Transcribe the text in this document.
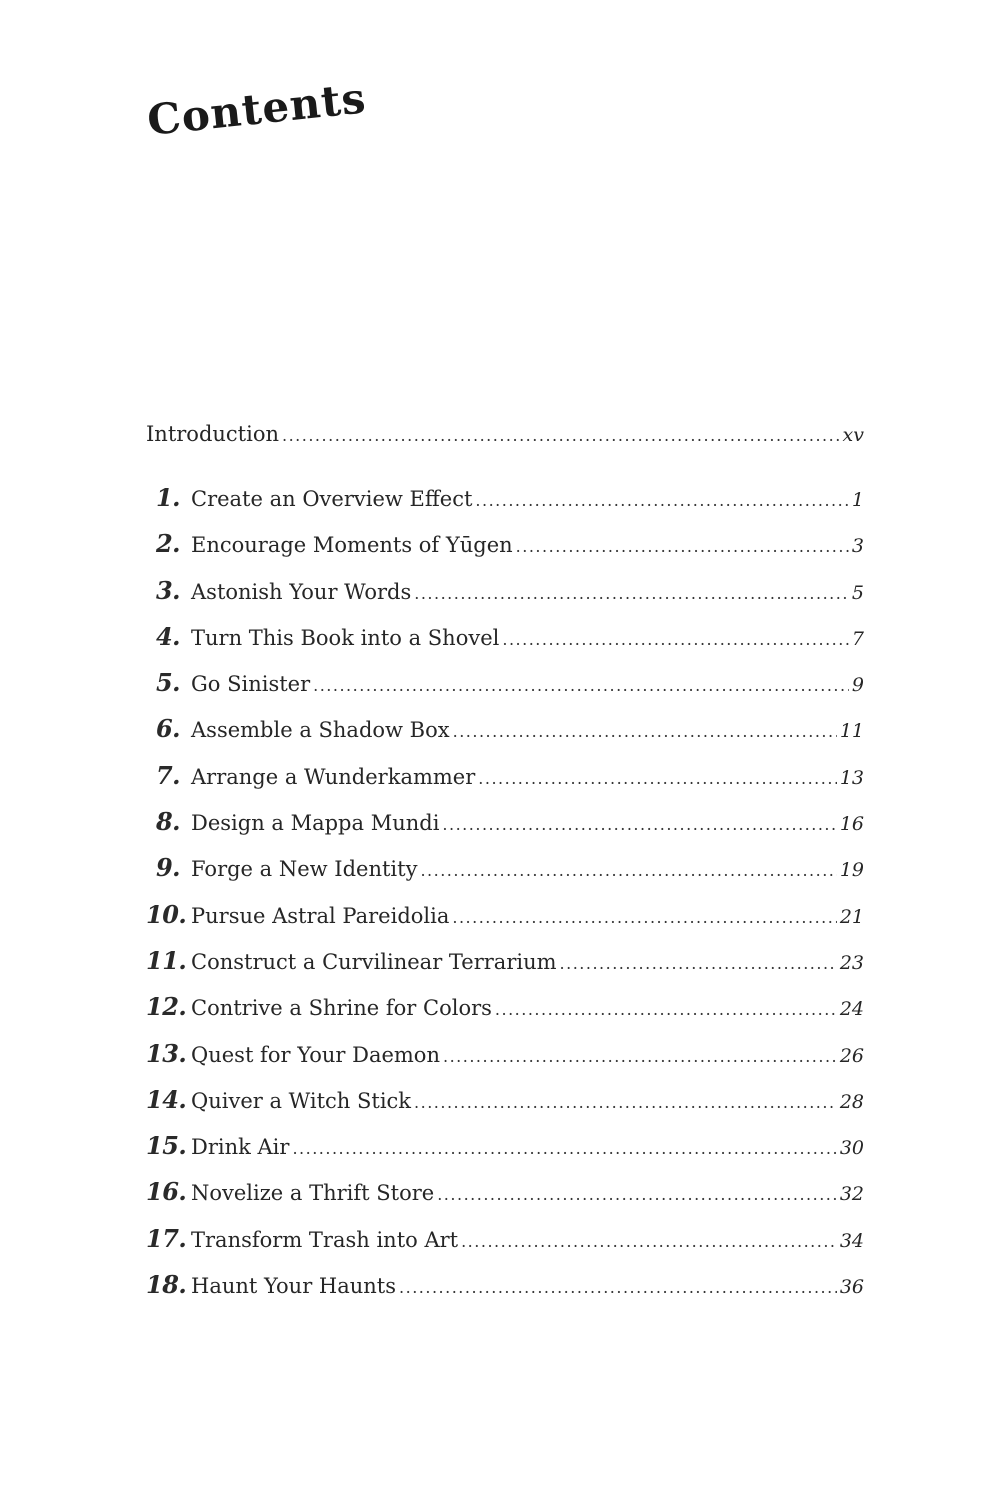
Contents
Introduction .....	xv
1. Create an Overview Effect .....	1
2. Encourage Moments of Yūgen .....	3
3. Astonish Your Words .....	5
4. Turn This Book into a Shovel .....	7
5. Go Sinister .....	9
6. Assemble a Shadow Box .....	11
7. Arrange a Wunderkammer .....	13
8. Design a Mappa Mundi .....	16
9. Forge a New Identity .....	19
10. Pursue Astral Pareidolia .....	21
11. Construct a Curvilinear Terrarium .....	23
12. Contrive a Shrine for Colors .....	24
13. Quest for Your Daemon .....	26
14. Quiver a Witch Stick .....	28
15. Drink Air .....	30
16. Novelize a Thrift Store .....	32
17. Transform Trash into Art .....	34
18. Haunt Your Haunts .....	36
